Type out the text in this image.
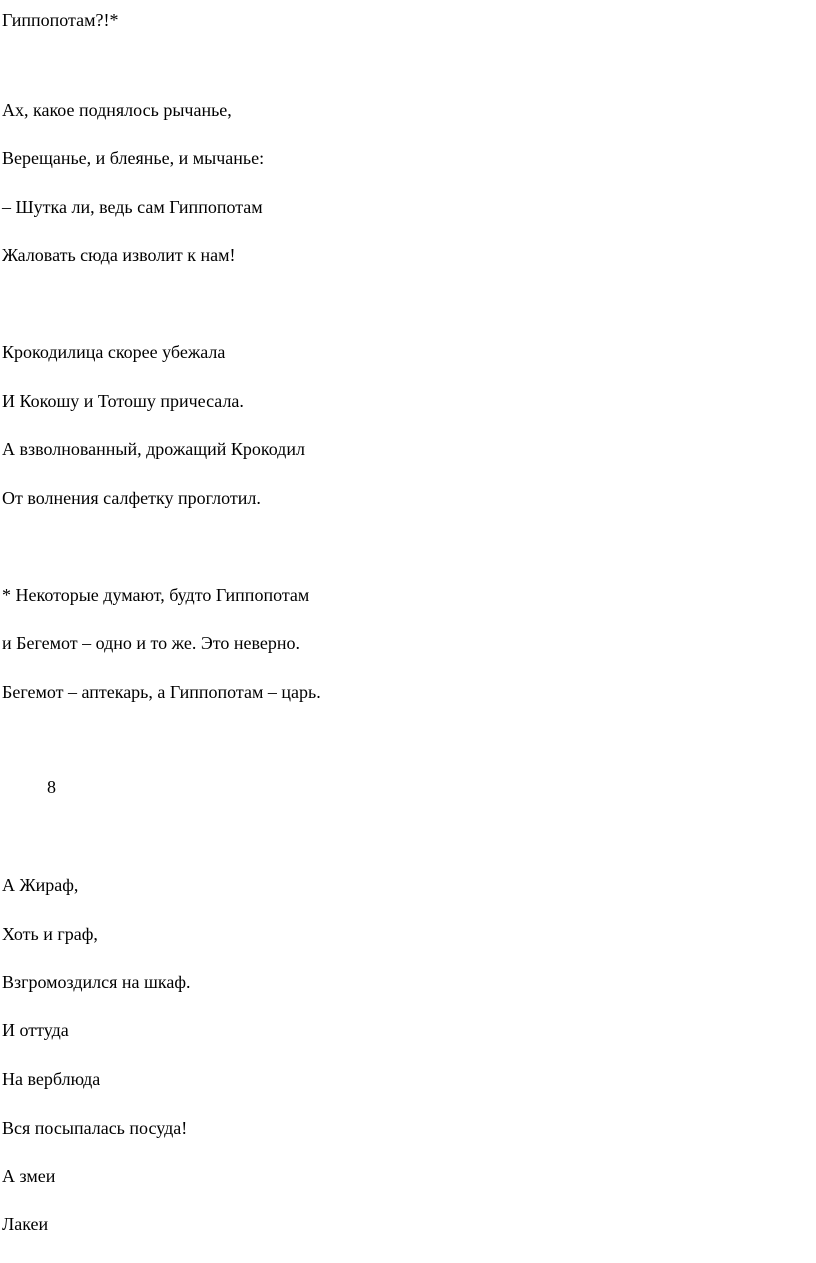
Гиппопотам?!*

Ах, какое поднялось рычанье,

Верещанье, и блеянье, и мычанье:

– Шутка ли, ведь сам Гиппопотам

Жаловать сюда изволит к нам!

Крокодилица скорее убежала

И Кокошу и Тотошу причесала.

А взволнованный, дрожащий Крокодил

От волнения салфетку проглотил.

* Некоторые думают, будто Гиппопотам

и Бегемот – одно и то же. Это неверно.

Бегемот – аптекарь, а Гиппопотам – царь.

8

А Жираф,

Хоть и граф,

Взгромоздился на шкаф.

И оттуда

На верблюда

Вся посыпалась посуда!

А змеи

Лакеи
